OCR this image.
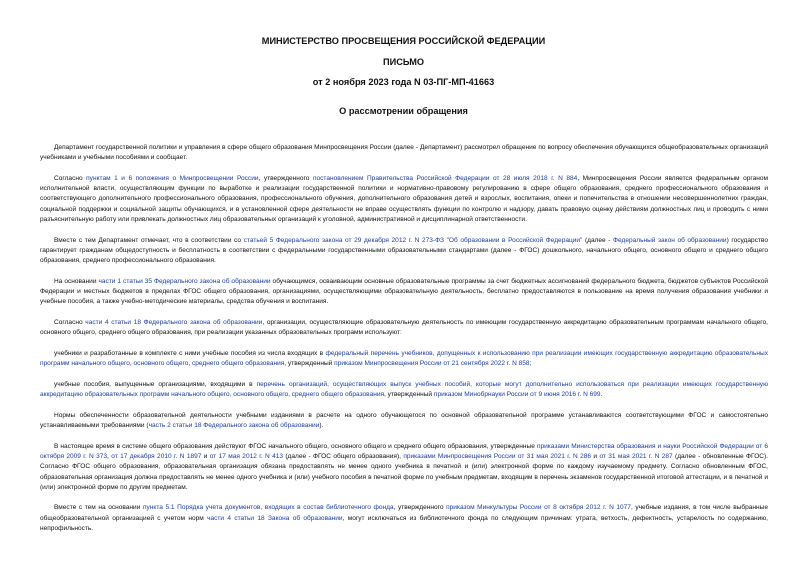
МИНИСТЕРСТВО ПРОСВЕЩЕНИЯ РОССИЙСКОЙ ФЕДЕРАЦИИ
ПИСЬМО
от 2 ноября 2023 года N 03-ПГ-МП-41663
О рассмотрении обращения

Департамент государственной политики и управления в сфере общего образования Минпросвещения России (далее - Департамент) рассмотрел обращение по вопросу обеспечения обучающихся общеобразовательных организаций учебниками и учебными пособиями и сообщает.

Согласно пунктам 1 и 6 положения о Минпросвещении России, утвержденного постановлением Правительства Российской Федерации от 28 июля 2018 г. N 884, Минпросвещения России является федеральным органом исполнительной власти, осуществляющим функции по выработке и реализации государственной политики и нормативно-правовому регулированию в сфере общего образования, среднего профессионального образования и соответствующего дополнительного профессионального образования, профессионального обучения, дополнительного образования детей и взрослых, воспитания, опеки и попечительства в отношении несовершеннолетних граждан, социальной поддержки и социальной защиты обучающихся, и в установленной сфере деятельности не вправе осуществлять функции по контролю и надзору, давать правовую оценку действиям должностных лиц и проводить с ними разъяснительную работу или привлекать должностных лиц образовательных организаций к уголовной, административной и дисциплинарной ответственности.

Вместе с тем Департамент отмечает, что в соответствии со статьей 5 Федерального закона от 29 декабря 2012 г. N 273-ФЗ "Об образовании в Российской Федерации" (далее - Федеральный закон об образовании) государство гарантирует гражданам общедоступность и бесплатность в соответствии с федеральными государственными образовательными стандартами (далее - ФГОС) дошкольного, начального общего, основного общего и среднего общего образования, среднего профессионального образования.

На основании части 1 статьи 35 Федерального закона об образовании обучающимся, осваивающим основные образовательные программы за счет бюджетных ассигнований федерального бюджета, бюджетов субъектов Российской Федерации и местных бюджетов в пределах ФГОС общего образования, организациями, осуществляющими образовательную деятельность, бесплатно предоставляются в пользование на время получения образования учебники и учебные пособия, а также учебно-методические материалы, средства обучения и воспитания.

Согласно части 4 статьи 18 Федерального закона об образовании, организации, осуществляющие образовательную деятельность по имеющим государственную аккредитацию образовательным программам начального общего, основного общего, среднего общего образования, при реализации указанных образовательных программ используют:

учебники и разработанные в комплекте с ними учебные пособия из числа входящих в федеральный перечень учебников, допущенных к использованию при реализации имеющих государственную аккредитацию образовательных программ начального общего, основного общего, среднего общего образования, утвержденный приказом Минпросвещения России от 21 сентября 2022 г. N 858;

учебные пособия, выпущенные организациями, входящими в перечень организаций, осуществляющих выпуск учебных пособий, которые могут дополнительно использоваться при реализации имеющих государственную аккредитацию образовательных программ начального общего, основного общего, среднего общего образования, утвержденный приказом Минобрнауки России от 9 июня 2016 г. N 699.

Нормы обеспеченности образовательной деятельности учебными изданиями в расчете на одного обучающегося по основной образовательной программе устанавливаются соответствующими ФГОС и самостоятельно устанавливаемыми требованиями (часть 2 статьи 18 Федерального закона об образовании).

В настоящее время в системе общего образования действуют ФГОС начального общего, основного общего и среднего общего образования, утвержденные приказами Министерства образования и науки Российской Федерации от 6 октября 2009 г. N 373, от 17 декабря 2010 г. N 1897 и от 17 мая 2012 г. N 413 (далее - ФГОС общего образования), приказами Минпросвещения России от 31 мая 2021 г. N 286 и от 31 мая 2021 г. N 287 (далее - обновленные ФГОС). Согласно ФГОС общего образования, образовательная организация обязана предоставлять не менее одного учебника в печатной и (или) электронной форме по каждому изучаемому предмету. Согласно обновленным ФГОС, образовательная организация должна предоставлять не менее одного учебника и (или) учебного пособия в печатной форме по учебным предметам, входящим в перечень экзаменов государственной итоговой аттестации, и в печатной и (или) электронной форме по другим предметам.

Вместе с тем на основании пункта 5.1 Порядка учета документов, входящих в состав библиотечного фонда, утвержденного приказом Минкультуры России от 8 октября 2012 г. N 1077, учебные издания, в том числе выбранные общеобразовательной организацией с учетом норм части 4 статьи 18 Закона об образовании, могут исключаться из библиотечного фонда по следующим причинам: утрата, ветхость, дефектность, устарелость по содержанию, непрофильность.
